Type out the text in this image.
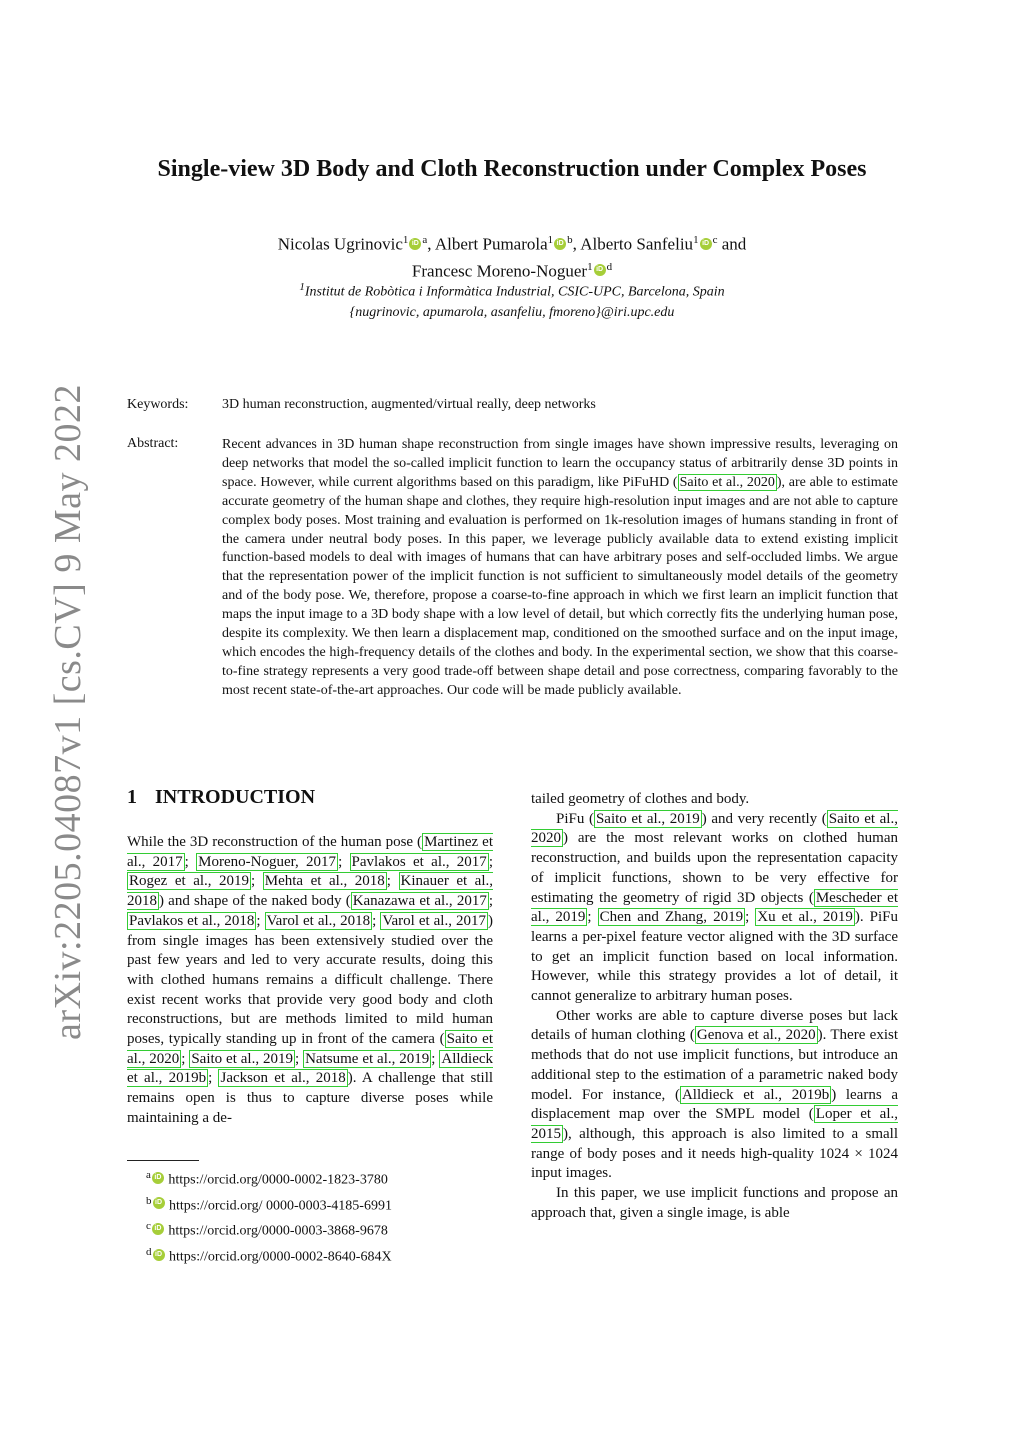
arXiv:2205.04087v1 [cs.CV] 9 May 2022
Single-view 3D Body and Cloth Reconstruction under Complex Poses
Nicolas Ugrinovic$^1$ iD $^a$, Albert Pumarola$^1$ iD $^b$, Alberto Sanfeliu$^1$ iD $^c$ and
Francesc Moreno-Noguer$^1$ iD $^d$
$^1$Institut de Robòtica i Informàtica Industrial, CSIC-UPC, Barcelona, Spain
{nugrinovic, apumarola, asanfeliu, fmoreno}@iri.upc.edu
Keywords: 3D human reconstruction, augmented/virtual really, deep networks
Abstract:	Recent advances in 3D human shape reconstruction from single images have shown impressive results, leveraging on deep networks that model the so-called implicit function to learn the occupancy status of arbitrarily dense 3D points in space. However, while current algorithms based on this paradigm, like PiFuHD ( Saito et al., 2020 ), are able to estimate accurate geometry of the human shape and clothes, they require high-resolution input images and are not able to capture complex body poses. Most training and evaluation is performed on 1k-resolution images of humans standing in front of the camera under neutral body poses. In this paper, we leverage publicly available data to extend existing implicit function-based models to deal with images of humans that can have arbitrary poses and self-occluded limbs. We argue that the representation power of the implicit function is not sufficient to simultaneously model details of the geometry and of the body pose. We, therefore, propose a coarse-to-fine approach in which we first learn an implicit function that maps the input image to a 3D body shape with a low level of detail, but which correctly fits the underlying human pose, despite its complexity. We then learn a displacement map, conditioned on the smoothed surface and on the input image, which encodes the high-frequency details of the clothes and body. In the experimental section, we show that this coarse-to-fine strategy represents a very good trade-off between shape detail and pose correctness, comparing favorably to the most recent state-of-the-art approaches. Our code will be made publicly available.
1 INTRODUCTION

While the 3D reconstruction of the human pose ( Martinez et al., 2017 ; Moreno-Noguer, 2017 ; Pavlakos et al., 2017 ; Rogez et al., 2019 ; Mehta et al., 2018 ; Kinauer et al., 2018 ) and shape of the naked body ( Kanazawa et al., 2017 ; Pavlakos et al., 2018 ; Varol et al., 2018 ; Varol et al., 2017 ) from single images has been extensively studied over the past few years and led to very accurate results, doing this with clothed humans remains a difficult challenge. There exist recent works that provide very good body and cloth reconstructions, but are methods limited to mild human poses, typically standing up in front of the camera ( Saito et al., 2020 ; Saito et al., 2019 ; Natsume et al., 2019 ; Alldieck et al., 2019b ; Jackson et al., 2018 ). A challenge that still remains open is thus to capture diverse poses while maintaining a de-

$^a$ iD https://orcid.org/0000-0002-1823-3780
$^b$ iD https://orcid.org/ 0000-0003-4185-6991
$^c$ iD https://orcid.org/0000-0003-3868-9678
$^d$ iD https://orcid.org/0000-0002-8640-684X

tailed geometry of clothes and body.

PiFu ( Saito et al., 2019 ) and very recently ( Saito et al., 2020 ) are the most relevant works on clothed human reconstruction, and builds upon the representation capacity of implicit functions, shown to be very effective for estimating the geometry of rigid 3D objects ( Mescheder et al., 2019 ; Chen and Zhang, 2019 ; Xu et al., 2019 ). PiFu learns a per-pixel feature vector aligned with the 3D surface to get an implicit function based on local information. However, while this strategy provides a lot of detail, it cannot generalize to arbitrary human poses.

Other works are able to capture diverse poses but lack details of human clothing ( Genova et al., 2020 ). There exist methods that do not use implicit functions, but introduce an additional step to the estimation of a parametric naked body model. For instance, ( Alldieck et al., 2019b ) learns a displacement map over the SMPL model ( Loper et al., 2015 ), although, this approach is also limited to a small range of body poses and it needs high-quality 1024 × 1024 input images.

In this paper, we use implicit functions and propose an approach that, given a single image, is able
